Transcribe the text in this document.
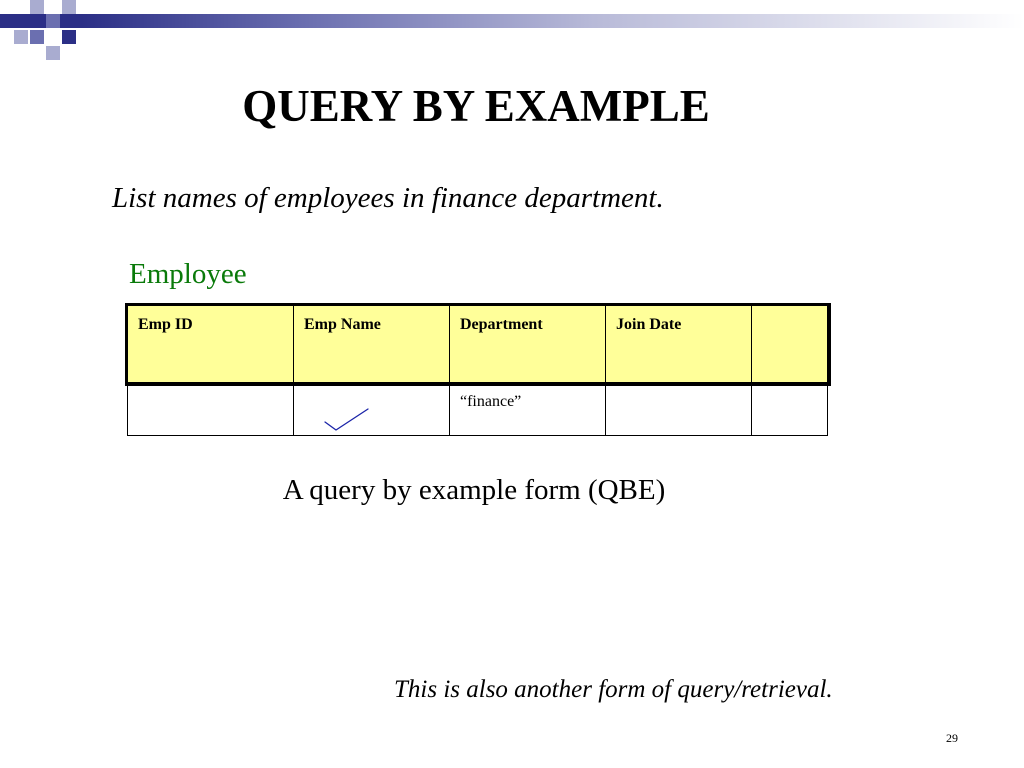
QUERY BY EXAMPLE
List names of employees in finance department.
Employee
Emp ID	Emp Name	Department	Join Date	
		“finance”		
A query by example form (QBE)
This is also another form of query/retrieval.
29
